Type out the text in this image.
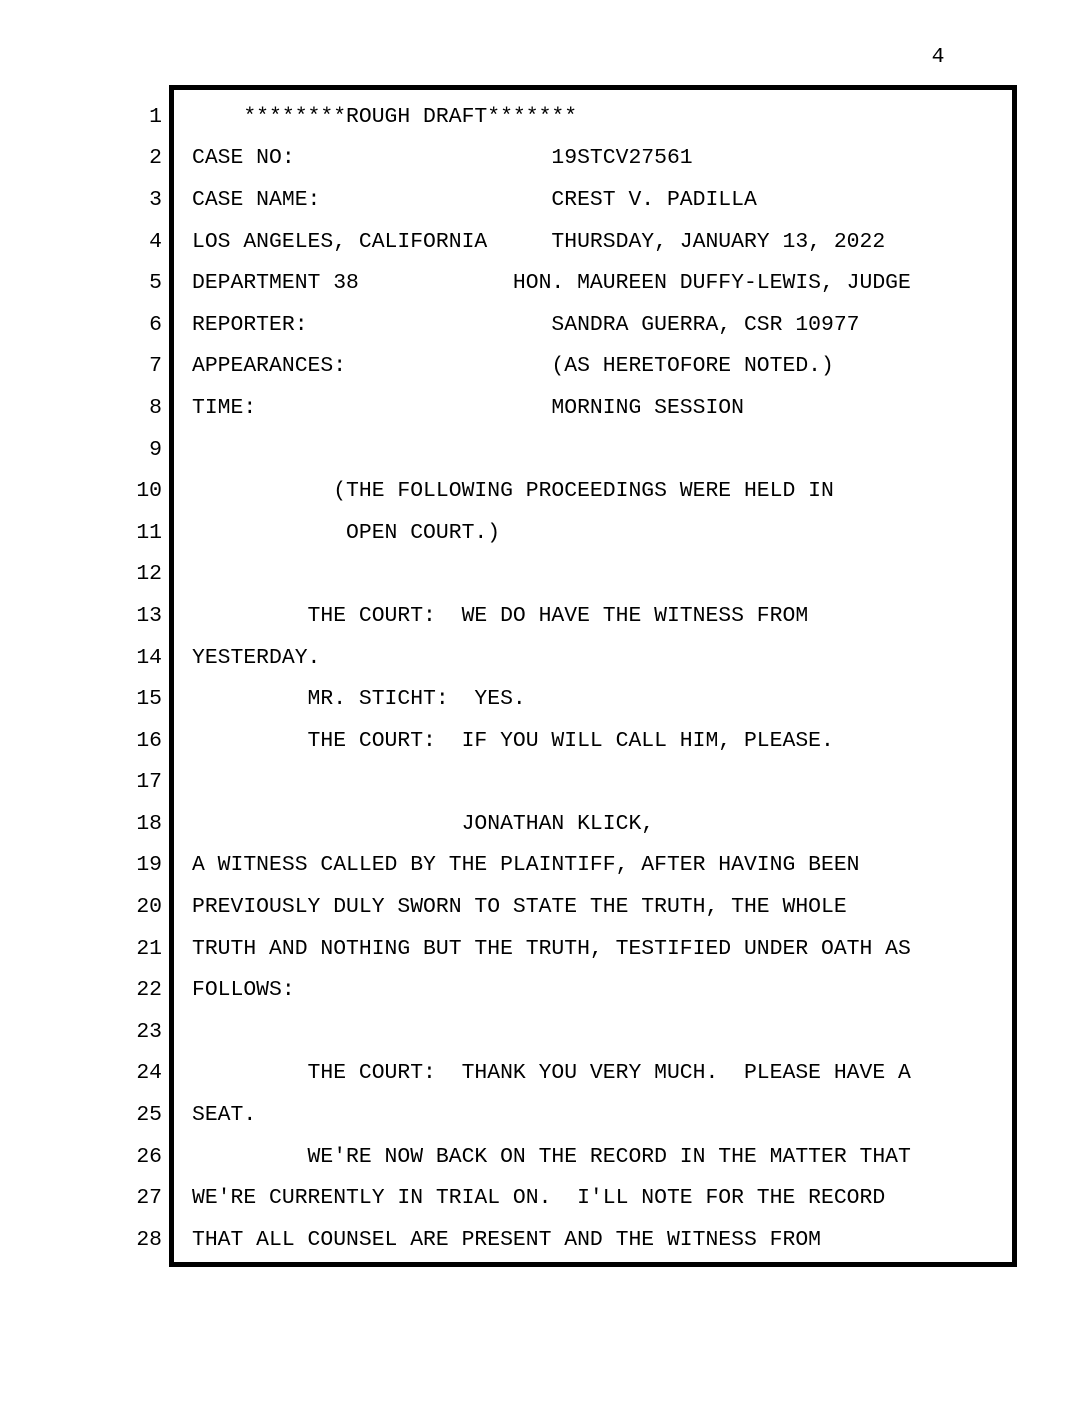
4
1	********ROUGH DRAFT*******
2	CASE NO:                    19STCV27561
3	CASE NAME:                  CREST V. PADILLA
4	LOS ANGELES, CALIFORNIA     THURSDAY, JANUARY 13, 2022
5	DEPARTMENT 38            HON. MAUREEN DUFFY-LEWIS, JUDGE
6	REPORTER:                   SANDRA GUERRA, CSR 10977
7	APPEARANCES:                (AS HERETOFORE NOTED.)
8	TIME:                       MORNING SESSION
9
10	(THE FOLLOWING PROCEEDINGS WERE HELD IN
11	OPEN COURT.)
12
13	THE COURT:  WE DO HAVE THE WITNESS FROM
14	YESTERDAY.
15	MR. STICHT:  YES.
16	THE COURT:  IF YOU WILL CALL HIM, PLEASE.
17
18	JONATHAN KLICK,
19	A WITNESS CALLED BY THE PLAINTIFF, AFTER HAVING BEEN
20	PREVIOUSLY DULY SWORN TO STATE THE TRUTH, THE WHOLE
21	TRUTH AND NOTHING BUT THE TRUTH, TESTIFIED UNDER OATH AS
22	FOLLOWS:
23
24	THE COURT:  THANK YOU VERY MUCH.  PLEASE HAVE A
25	SEAT.
26	WE'RE NOW BACK ON THE RECORD IN THE MATTER THAT
27	WE'RE CURRENTLY IN TRIAL ON.  I'LL NOTE FOR THE RECORD
28	THAT ALL COUNSEL ARE PRESENT AND THE WITNESS FROM
